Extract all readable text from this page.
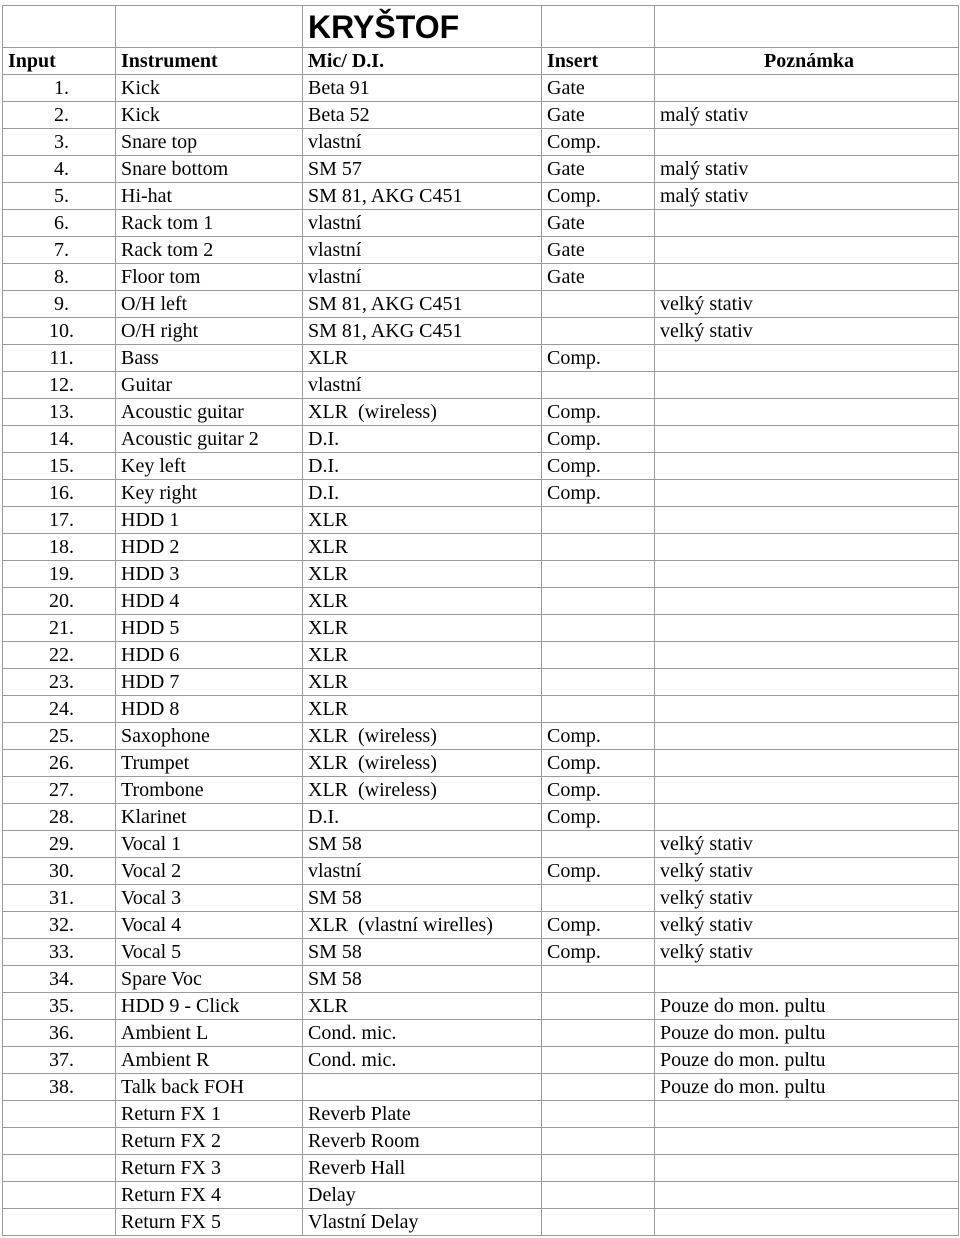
		KRYŠTOF		
Input	Instrument	Mic/ D.I.	Insert	Poznámka
1.	Kick	Beta 91	Gate	
2.	Kick	Beta 52	Gate	malý stativ
3.	Snare top	vlastní	Comp.	
4.	Snare bottom	SM 57	Gate	malý stativ
5.	Hi-hat	SM 81, AKG C451	Comp.	malý stativ
6.	Rack tom 1	vlastní	Gate	
7.	Rack tom 2	vlastní	Gate	
8.	Floor tom	vlastní	Gate	
9.	O/H left	SM 81, AKG C451		velký stativ
10.	O/H right	SM 81, AKG C451		velký stativ
11.	Bass	XLR	Comp.	
12.	Guitar	vlastní		
13.	Acoustic guitar	XLR  (wireless)	Comp.	
14.	Acoustic guitar 2	D.I.	Comp.	
15.	Key left	D.I.	Comp.	
16.	Key right	D.I.	Comp.	
17.	HDD 1	XLR		
18.	HDD 2	XLR		
19.	HDD 3	XLR		
20.	HDD 4	XLR		
21.	HDD 5	XLR		
22.	HDD 6	XLR		
23.	HDD 7	XLR		
24.	HDD 8	XLR		
25.	Saxophone	XLR  (wireless)	Comp.	
26.	Trumpet	XLR  (wireless)	Comp.	
27.	Trombone	XLR  (wireless)	Comp.	
28.	Klarinet	D.I.	Comp.	
29.	Vocal 1	SM 58		velký stativ
30.	Vocal 2	vlastní	Comp.	velký stativ
31.	Vocal 3	SM 58		velký stativ
32.	Vocal 4	XLR  (vlastní wirelles)	Comp.	velký stativ
33.	Vocal 5	SM 58	Comp.	velký stativ
34.	Spare Voc	SM 58		
35.	HDD 9 - Click	XLR		Pouze do mon. pultu
36.	Ambient L	Cond. mic.		Pouze do mon. pultu
37.	Ambient R	Cond. mic.		Pouze do mon. pultu
38.	Talk back FOH			Pouze do mon. pultu
	Return FX 1	Reverb Plate		
	Return FX 2	Reverb Room		
	Return FX 3	Reverb Hall		
	Return FX 4	Delay		
	Return FX 5	Vlastní Delay		
